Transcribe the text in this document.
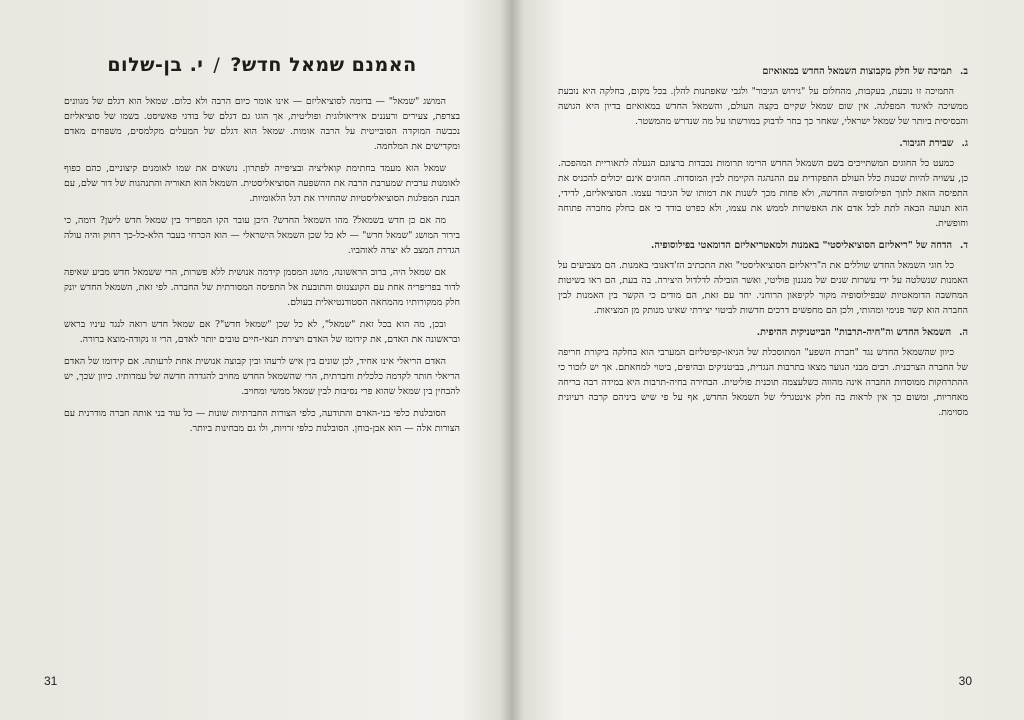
האמנם שמאל חדש?/י. בן-שלום

המושג "שמאל" — בדומה לסוציאליזם — אינו אומר כיום הרבה ולא כלום. שמאל הוא דגלם של מגוונים בצרפת, צעירים ורעננים אידיאולוגית ופוליטית, אך הוגו גם דגלם של בודגי פאשיסט. בשמו של סוציאליזם נכבשה המוקדה הסובייטית על הרבה אומות. שמאל הוא דגלם של המעלים מקלמסים, משפחים מאדם ומקדישים את המלחמה.

שמאל הוא מעמד בחתימת קואליציה ובציפייה לפתרון. נושאים את שמו לאומנים קיצוניים, כהם כפוף לאומנות ערבית שמערבת הרבה את ההשפעה הסוציאליסטית. השמאל הוא תאוריה והתנהגות של דור שלם, עם הבנת המפלגות הסוציאליסטיות שהחזירו את דגל הלאומיות.

מה אם כן חדש בשמאל? מהו השמאל החדש? היכן עובר הקו המפריד בין שמאל חדש לישן? דומה, כי בירור המושג "שמאל חדש" — לא כל שכן השמאל הישראלי — הוא הכרחי בעבר הלא-כל-כך רחוק והיה עולה הגדרת המצב לא יצרה לאוהביו.

אם שמאל היה, ברוב הראשונה, מושג המסמן קידמה אנושית ללא פשרות, הרי ששמאל חדש מביע שאיפה לדור בפריפריה אחת עם הקונצנזוס והתובעת אל התפיסה המסורתית של החברה. לפי זאת, השמאל החדש יונק חלק ממקורותיו מהמחאה הסטודנטיאלית בעולם.

ובכן, מה הוא בכל זאת "שמאל", לא כל שכן "שמאל חדש"? אם שמאל חדש רואה לנגד עיניו בראש ובראשונה את האדם, את קידומו של האדם ויצירת תנאי-חיים טובים יותר לאדם, הרי זו נקודה-מוצא ברורה.

האדם הריאלי אינו אחיד, לכן שונים בין איש לרעהו ובין קבוצה אנושית אחת לרעותה. אם קידומו של האדם הריאלי חותר לקדמה כלכלית וחברתית, הרי שהשמאל החדש מחויב להגדרה חדשה של עמדותיו. כיוון שכך, יש להבחין בין שמאל שהוא פרי נסיבות לבין שמאל ממשי ומחויב.

הסובלנות כלפי בני-האדם והתודעה, כלפי הצורות החברתיות שונות — כל עוד בני אותה חברה מודרנית עם הצורות אלה — הוא אבן-בוחן. הסובלנות כלפי זרויות, ולו גם מבחינות ביותר.

31
ב.תמיכה של חלק מקבוצות השמאל החדש במאואיזם

התמיכה זו נובעת, בעקבות, מהחלום על "גירוש הגיבור" ולגבי שאפתנות להלן. בכל מקום, בחלקה היא נובעת ממשיכה לאיגוד המפלגה. אין שום שמאל שקיים בקצה העולם, והשמאל החדש במאואיזם בדיון היא הגושה והבסיסית ביותר של שמאל ישראלי, שאחר כך בחר לדבוק במורשתו על מה שנדרש מהמשטר.

ג.שבירת הגיבור.

כמעט כל החוגים המשתייכים בשם השמאל החדש הרימו תרומות נכבדות ברצונם הנעלה לתאוריית המהפכה. כן, עשויה להיות שכנות כלל העולם התפקודית עם ההנהגה הקיימת לבין המוסדות. החוגים אינם יכולים להכניס את התפיסה הזאת לתוך הפילוסופיה החדשה, ולא פחות מכך לשנות את דמותו של הגיבור עצמו. הסוציאליזם, לדידי, הוא תנועה הבאה לתת לכל אדם את האפשרות לממש את עצמו, ולא כפרט בודד כי אם כחלק מחברה פתוחה וחופשית.

ד.הדחה של "ריאליזם הסוציאליסטי" באמנות ולמאטריאליזם הדומאטי בפילוסופיה.

כל חוגי השמאל החדש שוללים את ה"ריאליזם הסוציאליסטי" ואת התכתיב הז'דאנובי באמנות. הם מצביעים על האמנות שנשלטה על ידי עשרות שנים של מנגנון פוליטי, ואשר הובילה לדלדול היצירה. בה בעת, הם ראו בשיטות המחשבה הדומאטיות שבפילוסופיה מקור לקיפאון הרוחני. יחד עם זאת, הם מודים כי הקשר בין האמנות לבין החברה הוא קשר פנימי ומהותי, ולכן הם מחפשים דרכים חדשות לביטוי יצירתי שאינו מנותק מן המציאות.

ה.השמאל החדש וה"חיה-תרבות" הבייטניקית ההיפית.

כיוון שהשמאל החדש נגד "חברת השפע" המתוסכלת של הניאו-קפיטליזם המערבי הוא בחלקה ביקורת חריפה של החברה הצרכנית. רבים מבני הנוער מצאו בתרבות הנגדית, בביטניקים ובהיפים, ביטוי למחאתם. אך יש לזכור כי ההתרחקות ממוסדות החברה אינה מהווה כשלעצמה תוכנית פוליטית. הבחירה בחיה-תרבות היא במידה רבה בריחה מאחריות, ומשום כך אין לראות בה חלק אינטגרלי של השמאל החדש, אף על פי שיש ביניהם קרבה רעיונית מסוימת.

30
